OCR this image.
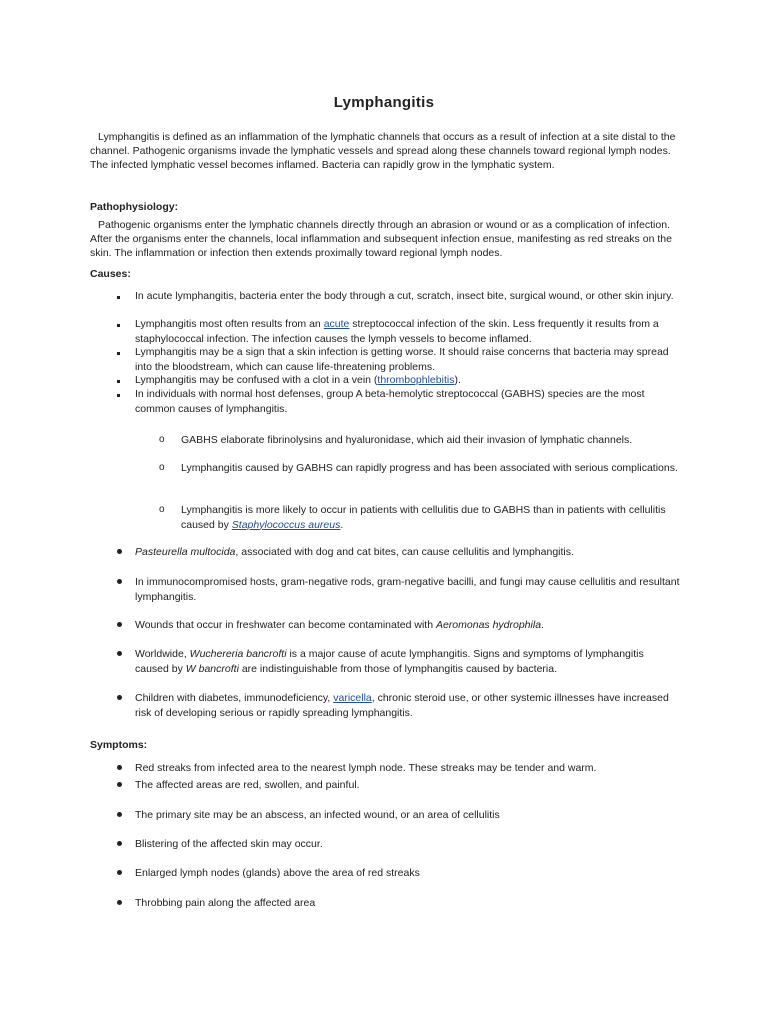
Lymphangitis
Lymphangitis is defined as an inflammation of the lymphatic channels that occurs as a result of infection at a site distal to the channel. Pathogenic organisms invade the lymphatic vessels and spread along these channels toward regional lymph nodes. The infected lymphatic vessel becomes inflamed. Bacteria can rapidly grow in the lymphatic system.
Pathophysiology:
Pathogenic organisms enter the lymphatic channels directly through an abrasion or wound or as a complication of infection. After the organisms enter the channels, local inflammation and subsequent infection ensue, manifesting as red streaks on the skin. The inflammation or infection then extends proximally toward regional lymph nodes.
Causes:
In acute lymphangitis, bacteria enter the body through a cut, scratch, insect bite, surgical wound, or other skin injury.
Lymphangitis most often results from an acute streptococcal infection of the skin. Less frequently it results from a staphylococcal infection. The infection causes the lymph vessels to become inflamed.
Lymphangitis may be a sign that a skin infection is getting worse. It should raise concerns that bacteria may spread into the bloodstream, which can cause life-threatening problems.
Lymphangitis may be confused with a clot in a vein (thrombophlebitis).
In individuals with normal host defenses, group A beta-hemolytic streptococcal (GABHS) species are the most common causes of lymphangitis.
o GABHS elaborate fibrinolysins and hyaluronidase, which aid their invasion of lymphatic channels.
o Lymphangitis caused by GABHS can rapidly progress and has been associated with serious complications.
o Lymphangitis is more likely to occur in patients with cellulitis due to GABHS than in patients with cellulitis caused by Staphylococcus aureus.
Pasteurella multocida, associated with dog and cat bites, can cause cellulitis and lymphangitis.
In immunocompromised hosts, gram-negative rods, gram-negative bacilli, and fungi may cause cellulitis and resultant lymphangitis.
Wounds that occur in freshwater can become contaminated with Aeromonas hydrophila.
Worldwide, Wuchereria bancrofti is a major cause of acute lymphangitis. Signs and symptoms of lymphangitis caused by W bancrofti are indistinguishable from those of lymphangitis caused by bacteria.
Children with diabetes, immunodeficiency, varicella, chronic steroid use, or other systemic illnesses have increased risk of developing serious or rapidly spreading lymphangitis.
Symptoms:
Red streaks from infected area to the nearest lymph node. These streaks may be tender and warm.
The affected areas are red, swollen, and painful.
The primary site may be an abscess, an infected wound, or an area of cellulitis
Blistering of the affected skin may occur.
Enlarged lymph nodes (glands) above the area of red streaks
Throbbing pain along the affected area
